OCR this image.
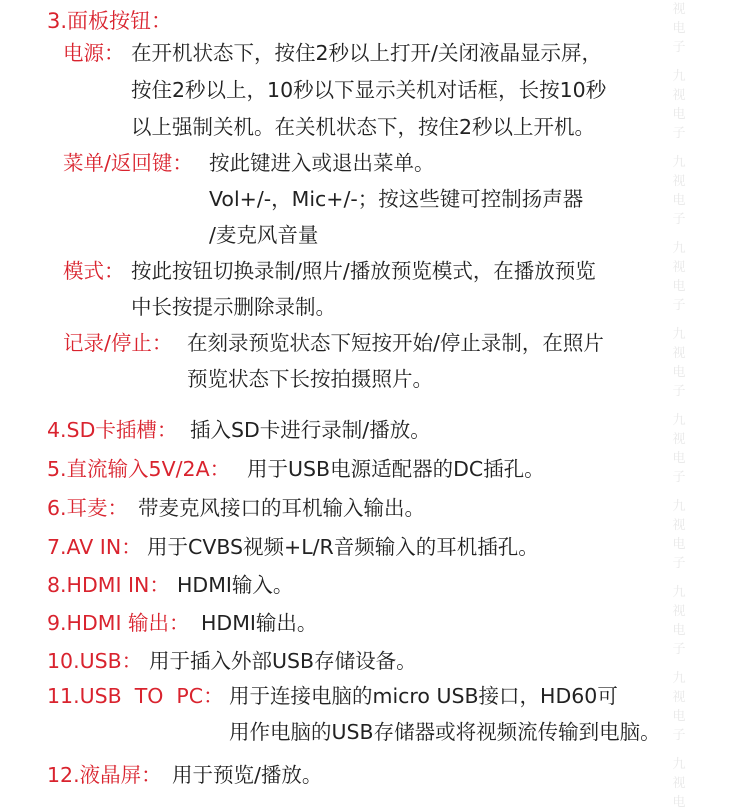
视
电
子
九
视
电
子
九
视
电
子
九
视
电
子
九
视
电
子
九
视
电
子
九
视
电
子
九
视
电
子
九
视
电
子
九
视
电
3.面板按钮：
电源： 在开机状态下，按住2秒以上打开/关闭液晶显示屏，
按住2秒以上，10秒以下显示关机对话框，长按10秒
以上强制关机。在关机状态下，按住2秒以上开机。
菜单/返回键： 按此键进入或退出菜单。
Vol+/-，Mic+/-；按这些键可控制扬声器
/麦克风音量
模式： 按此按钮切换录制/照片/播放预览模式，在播放预览
中长按提示删除录制。
记录/停止： 在刻录预览状态下短按开始/停止录制，在照片
预览状态下长按拍摄照片。
4.SD卡插槽： 插入SD卡进行录制/播放。
5.直流输入5V/2A： 用于USB电源适配器的DC插孔。
6.耳麦： 带麦克风接口的耳机输入输出。
7.AV IN： 用于CVBS视频+L/R音频输入的耳机插孔。
8.HDMI IN： HDMI输入。
9.HDMI 输出： HDMI输出。
10.USB： 用于插入外部USB存储设备。
11.USB  TO  PC： 用于连接电脑的micro USB接口，HD60可
用作电脑的USB存储器或将视频流传输到电脑。
12.液晶屏： 用于预览/播放。
